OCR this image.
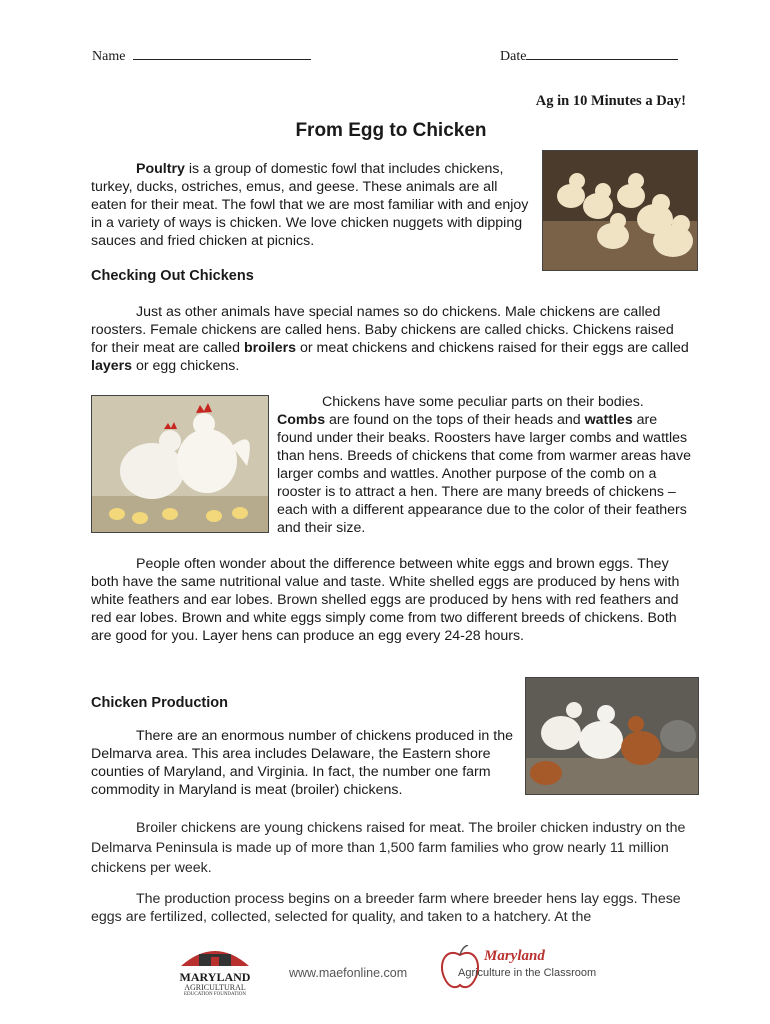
Name	Date
Ag in 10 Minutes a Day!
From Egg to Chicken

Poultry is a group of domestic fowl that includes chickens, turkey, ducks, ostriches, emus, and geese. These animals are all eaten for their meat. The fowl that we are most familiar with and enjoy in a variety of ways is chicken. We love chicken nuggets with dipping sauces and fried chicken at picnics.

Checking Out Chickens

Just as other animals have special names so do chickens. Male chickens are called roosters. Female chickens are called hens. Baby chickens are called chicks. Chickens raised for their meat are called broilers or meat chickens and chickens raised for their eggs are called layers or egg chickens.

Chickens have some peculiar parts on their bodies. Combs are found on the tops of their heads and wattles are found under their beaks. Roosters have larger combs and wattles than hens. Breeds of chickens that come from warmer areas have larger combs and wattles. Another purpose of the comb on a rooster is to attract a hen. There are many breeds of chickens – each with a different appearance due to the color of their feathers and their size.

People often wonder about the difference between white eggs and brown eggs. They both have the same nutritional value and taste. White shelled eggs are produced by hens with white feathers and ear lobes. Brown shelled eggs are produced by hens with red feathers and red ear lobes. Brown and white eggs simply come from two different breeds of chickens. Both are good for you. Layer hens can produce an egg every 24-28 hours.

Chicken Production

There are an enormous number of chickens produced in the Delmarva area. This area includes Delaware, the Eastern shore counties of Maryland, and Virginia. In fact, the number one farm commodity in Maryland is meat (broiler) chickens.

Broiler chickens are young chickens raised for meat. The broiler chicken industry on the Delmarva Peninsula is made up of more than 1,500 farm families who grow nearly 11 million chickens per week.

The production process begins on a breeder farm where breeder hens lay eggs. These eggs are fertilized, collected, selected for quality, and taken to a hatchery. At the

MARYLAND
AGRICULTURAL
EDUCATION FOUNDATION
www.maefonline.com
Maryland
Agriculture in the Classroom
